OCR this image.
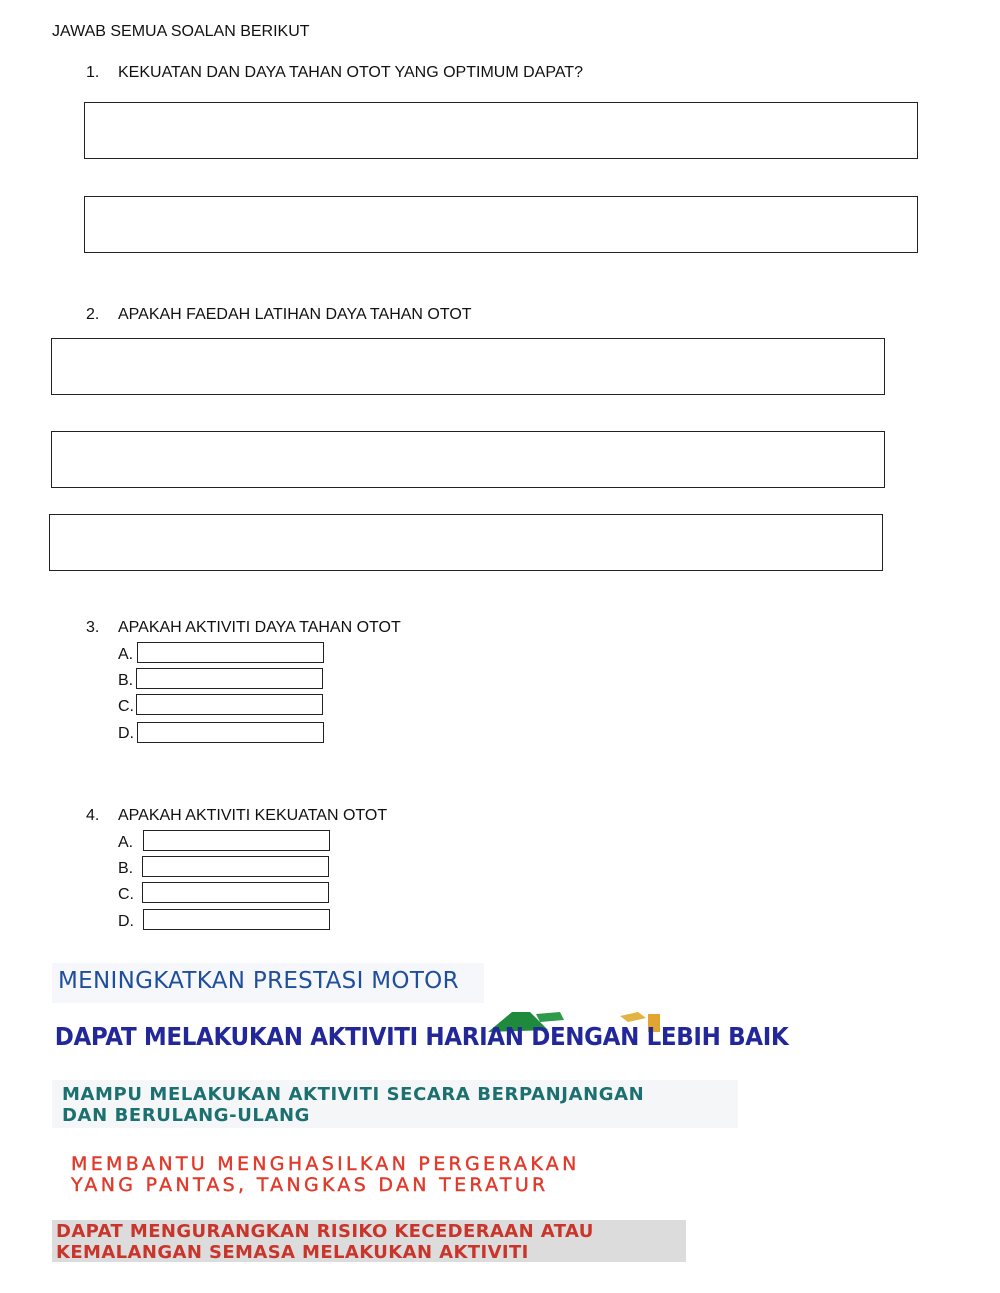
JAWAB SEMUA SOALAN BERIKUT
1. KEKUATAN DAN DAYA TAHAN OTOT YANG OPTIMUM DAPAT?
2. APAKAH FAEDAH LATIHAN DAYA TAHAN OTOT
3. APAKAH AKTIVITI DAYA TAHAN OTOT
A.
B.
C.
D.
4. APAKAH AKTIVITI KEKUATAN OTOT
A.
B.
C.
D.
MENINGKATKAN PRESTASI MOTOR
DAPAT MELAKUKAN AKTIVITI HARIAN DENGAN LEBIH BAIK
MAMPU MELAKUKAN AKTIVITI SECARA BERPANJANGAN
DAN BERULANG-ULANG
MEMBANTU MENGHASILKAN PERGERAKAN
YANG PANTAS, TANGKAS DAN TERATUR
DAPAT MENGURANGKAN RISIKO KECEDERAAN ATAU
KEMALANGAN SEMASA MELAKUKAN AKTIVITI
